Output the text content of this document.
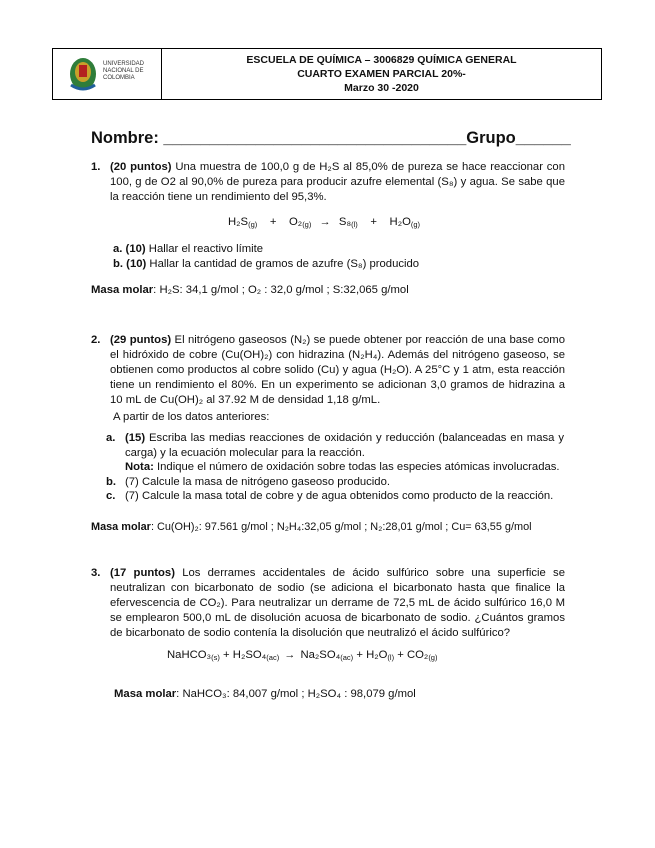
UNIVERSIDAD NACIONAL DE COLOMBIA
ESCUELA DE QUÍMICA – 3006829 QUÍMICA GENERAL
CUARTO EXAMEN PARCIAL 20%-
Marzo 30 -2020
Nombre: _________________________________Grupo______
1. (20 puntos) Una muestra de 100,0 g de H₂S al 85,0% de pureza se hace reaccionar con 100, g de O2 al 90,0% de pureza para producir azufre elemental (S₈) y agua. Se sabe que la reacción tiene un rendimiento del 95,3%.
$H_2S_{(g)} + O_2_{(g)} \to S_8_{(l)} + H_2O_{(g)}$
a. (10) Hallar el reactivo límite
b. (10) Hallar la cantidad de gramos de azufre (S₈) producido
Masa molar: H₂S: 34,1 g/mol ; O₂ : 32,0 g/mol ; S:32,065 g/mol
2. (29 puntos) El nitrógeno gaseosos (N₂) se puede obtener por reacción de una base como el hidróxido de cobre (Cu(OH)₂) con hidrazina (N₂H₄). Además del nitrógeno gaseoso, se obtienen como productos al cobre solido (Cu) y agua (H₂O). A 25°C y 1 atm, esta reacción tiene un rendimiento el 80%. En un experimento se adicionan 3,0 gramos de hidrazina a 10 mL de Cu(OH)₂ al 37.92 M de densidad 1,18 g/mL.
A partir de los datos anteriores:
a. (15) Escriba las medias reacciones de oxidación y reducción (balanceadas en masa y carga) y la ecuación molecular para la reacción.
Nota: Indique el número de oxidación sobre todas las especies atómicas involucradas.
b. (7) Calcule la masa de nitrógeno gaseoso producido.
c. (7) Calcule la masa total de cobre y de agua obtenidos como producto de la reacción.
Masa molar: Cu(OH)₂: 97.561 g/mol ; N₂H₄:32,05 g/mol ; N₂:28,01 g/mol ; Cu= 63,55 g/mol
3. (17 puntos) Los derrames accidentales de ácido sulfúrico sobre una superficie se neutralizan con bicarbonato de sodio (se adiciona el bicarbonato hasta que finalice la efervescencia de CO₂). Para neutralizar un derrame de 72,5 mL de ácido sulfúrico 16,0 M se emplearon 500,0 mL de disolución acuosa de bicarbonato de sodio. ¿Cuántos gramos de bicarbonato de sodio contenía la disolución que neutralizó el ácido sulfúrico?
$NaHCO_3_{(s)} + H_2SO_4_{(ac)} \to Na_2SO_4_{(ac)} + H_2O_{(l)} + CO_2_{(g)}$
Masa molar: NaHCO₃: 84,007 g/mol ; H₂SO₄ : 98,079 g/mol
